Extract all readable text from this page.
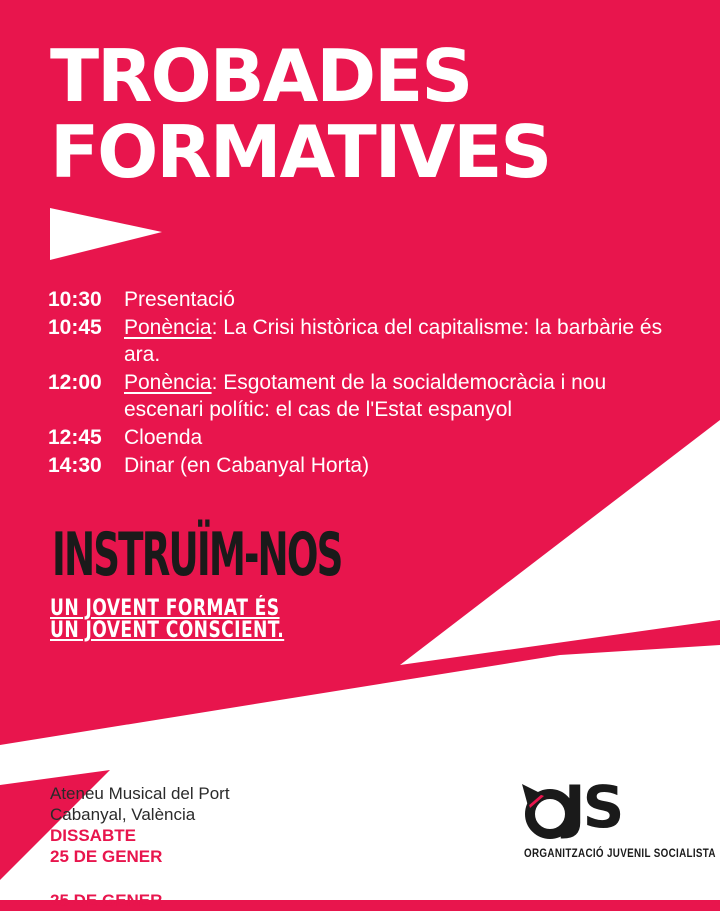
TROBADES
FORMATIVES
10:30	Presentació
10:45	Ponència: La Crisi històrica del capitalisme: la barbàrie és ara.
12:00	Ponència: Esgotament de la socialdemocràcia i nou escenari polític: el cas de l'Estat espanyol
12:45	Cloenda
14:30	Dinar (en Cabanyal Horta)
INSTRUÏM-NOS
UN JOVENT FORMAT ÉS
UN JOVENT CONSCIENT.
Ateneu Musical del Port
Cabanyal, València
DISSABTE
25 DE GENER
25 DE GENER
JS
ORGANITZACIÓ JUVENIL SOCIALISTA
